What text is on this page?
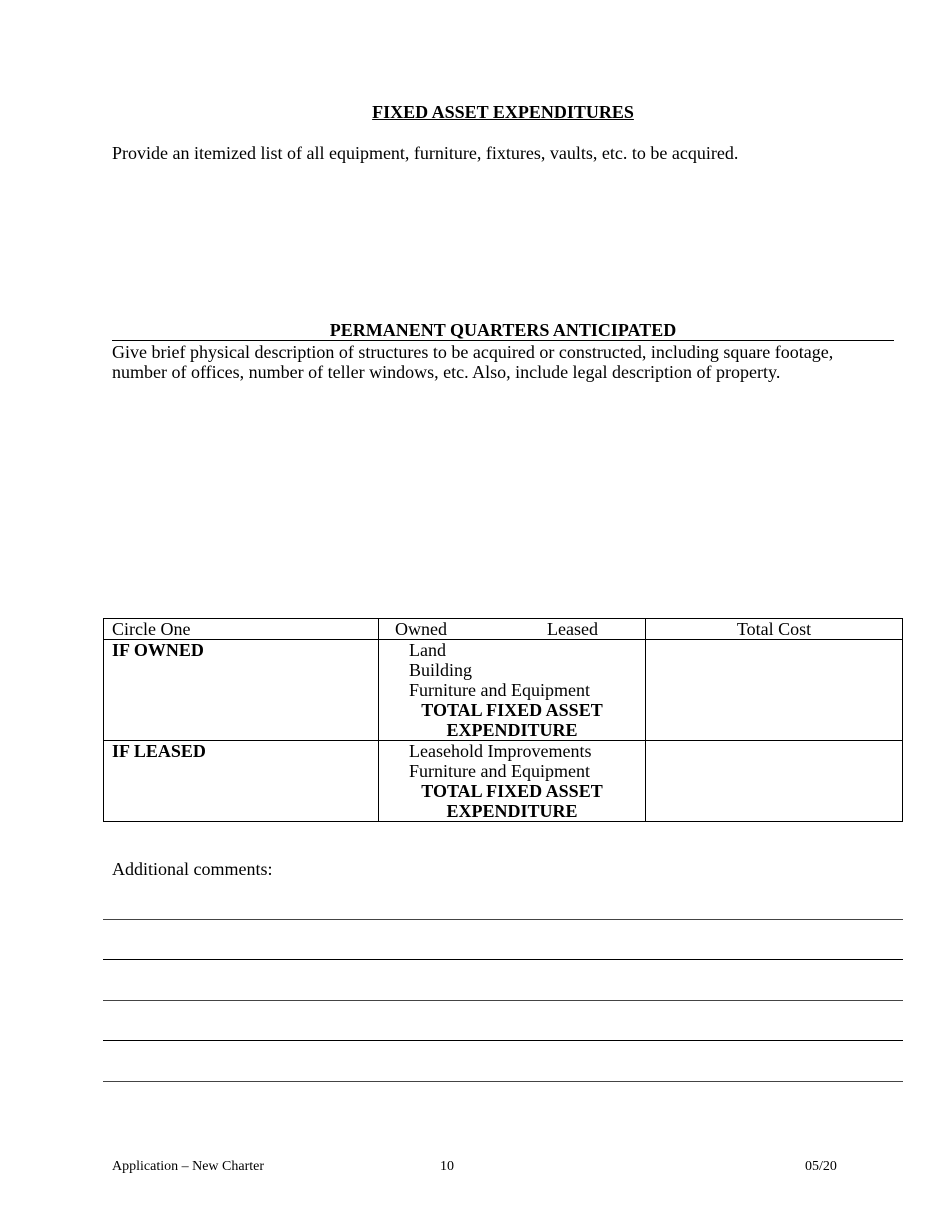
FIXED ASSET EXPENDITURES
Provide an itemized list of all equipment, furniture, fixtures, vaults, etc. to be acquired.
PERMANENT QUARTERS ANTICIPATED
Give brief physical description of structures to be acquired or constructed, including square footage,
number of offices, number of teller windows, etc. Also, include legal description of property.
Circle One	Owned Leased	Total Cost
IF OWNED	Land
Building
Furniture and Equipment
TOTAL FIXED ASSET
EXPENDITURE	

IF LEASED	Leasehold Improvements
Furniture and Equipment
TOTAL FIXED ASSET
EXPENDITURE	

Additional comments:
Application – New Charter	10	05/20
